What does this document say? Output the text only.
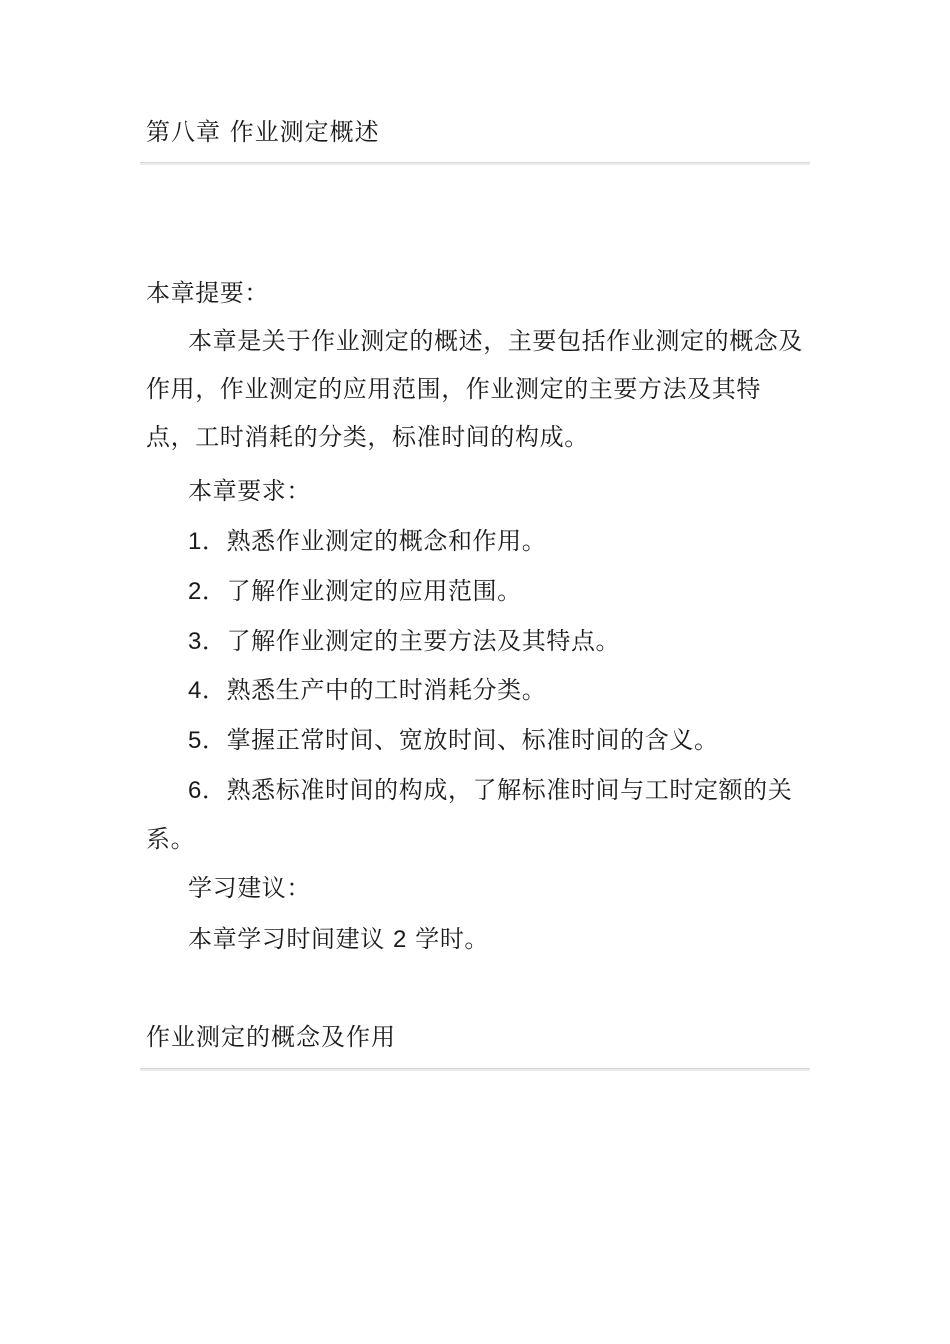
第八章 作业测定概述

本章提要：

本章是关于作业测定的概述，主要包括作业测定的概念及作用，作业测定的应用范围，作业测定的主要方法及其特点，工时消耗的分类，标准时间的构成。

本章要求：

1．熟悉作业测定的概念和作用。

2．了解作业测定的应用范围。

3．了解作业测定的主要方法及其特点。

4．熟悉生产中的工时消耗分类。

5．掌握正常时间、宽放时间、标准时间的含义。

6．熟悉标准时间的构成，了解标准时间与工时定额的关系。

学习建议：

本章学习时间建议 2 学时。

作业测定的概念及作用
